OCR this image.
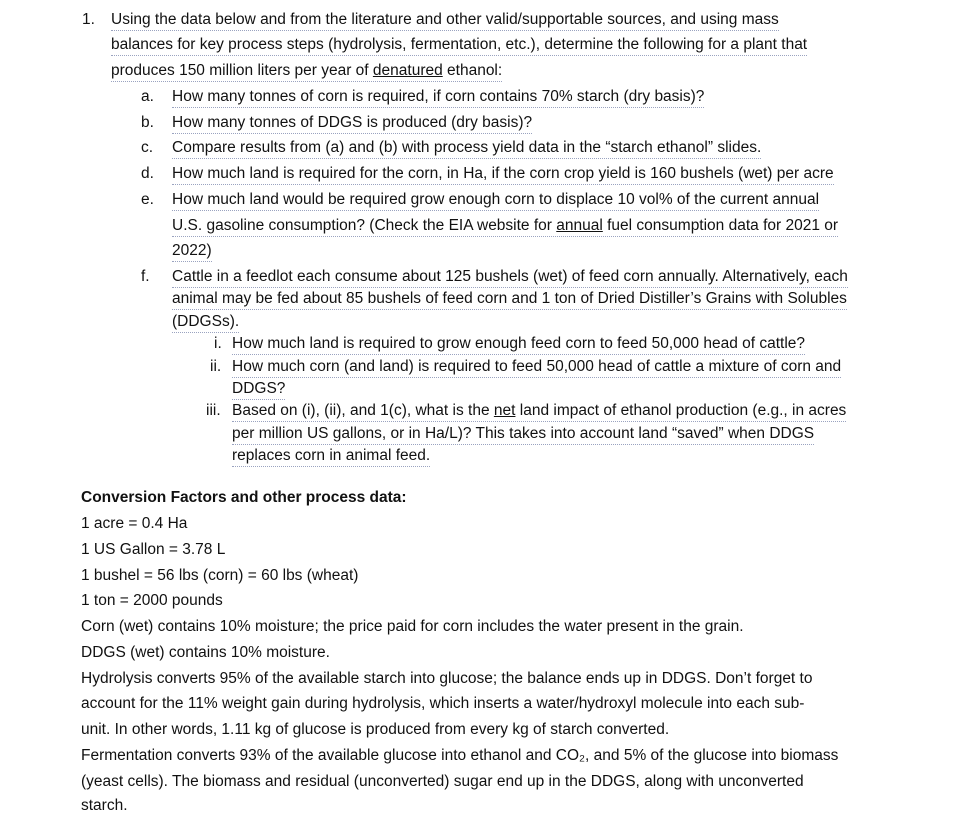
1. Using the data below and from the literature and other valid/supportable sources, and using mass
balances for key process steps (hydrolysis, fermentation, etc.), determine the following for a plant that
produces 150 million liters per year of denatured ethanol:
a. How many tonnes of corn is required, if corn contains 70% starch (dry basis)?
b. How many tonnes of DDGS is produced (dry basis)?
c. Compare results from (a) and (b) with process yield data in the “starch ethanol” slides.
d. How much land is required for the corn, in Ha, if the corn crop yield is 160 bushels (wet) per acre
e. How much land would be required grow enough corn to displace 10 vol% of the current annual
U.S. gasoline consumption? (Check the EIA website for annual fuel consumption data for 2021 or
2022)
f. Cattle in a feedlot each consume about 125 bushels (wet) of feed corn annually. Alternatively, each
animal may be fed about 85 bushels of feed corn and 1 ton of Dried Distiller’s Grains with Solubles
(DDGSs).
i. How much land is required to grow enough feed corn to feed 50,000 head of cattle?
ii. How much corn (and land) is required to feed 50,000 head of cattle a mixture of corn and
DDGS?
iii. Based on (i), (ii), and 1(c), what is the net land impact of ethanol production (e.g., in acres
per million US gallons, or in Ha/L)? This takes into account land “saved” when DDGS
replaces corn in animal feed.
Conversion Factors and other process data:
1 acre = 0.4 Ha
1 US Gallon = 3.78 L
1 bushel = 56 lbs (corn) = 60 lbs (wheat)
1 ton = 2000 pounds
Corn (wet) contains 10% moisture; the price paid for corn includes the water present in the grain.
DDGS (wet) contains 10% moisture.
Hydrolysis converts 95% of the available starch into glucose; the balance ends up in DDGS. Don’t forget to
account for the 11% weight gain during hydrolysis, which inserts a water/hydroxyl molecule into each sub-
unit. In other words, 1.11 kg of glucose is produced from every kg of starch converted.
Fermentation converts 93% of the available glucose into ethanol and CO₂, and 5% of the glucose into biomass
(yeast cells). The biomass and residual (unconverted) sugar end up in the DDGS, along with unconverted
starch.
